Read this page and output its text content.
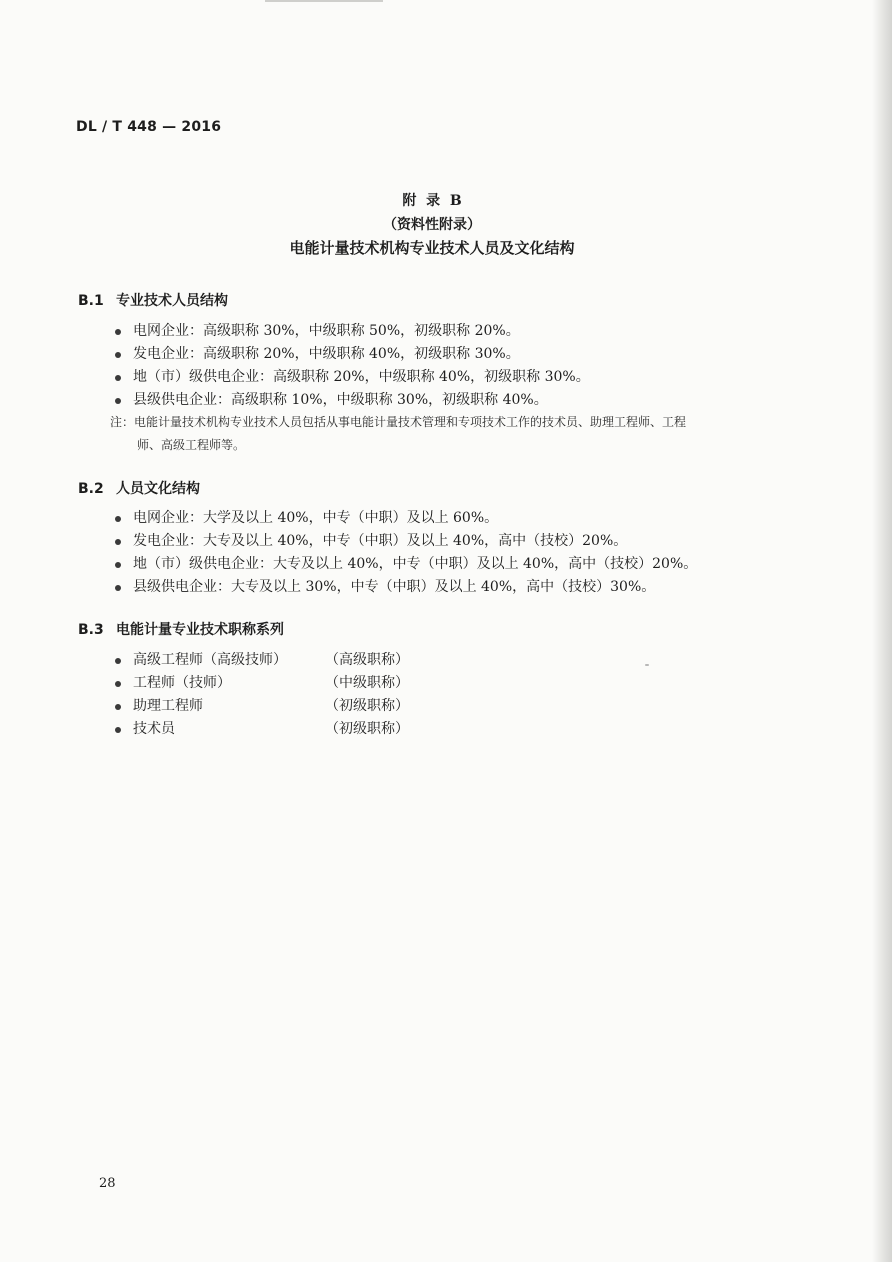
DL / T 448 — 2016
附  录  B
（资料性附录）
电能计量技术机构专业技术人员及文化结构
B.1 专业技术人员结构
电网企业：高级职称 30%，中级职称 50%，初级职称 20%。
发电企业：高级职称 20%，中级职称 40%，初级职称 30%。
地（市）级供电企业：高级职称 20%，中级职称 40%，初级职称 30%。
县级供电企业：高级职称 10%，中级职称 30%，初级职称 40%。
注：电能计量技术机构专业技术人员包括从事电能计量技术管理和专项技术工作的技术员、助理工程师、工程
师、高级工程师等。
B.2 人员文化结构
电网企业：大学及以上 40%，中专（中职）及以上 60%。
发电企业：大专及以上 40%，中专（中职）及以上 40%，高中（技校）20%。
地（市）级供电企业：大专及以上 40%，中专（中职）及以上 40%，高中（技校）20%。
县级供电企业：大专及以上 30%，中专（中职）及以上 40%，高中（技校）30%。
B.3 电能计量专业技术职称系列
高级工程师（高级技师）	（高级职称）
工程师（技师）	（中级职称）
助理工程师	（初级职称）
技术员	（初级职称）
28
